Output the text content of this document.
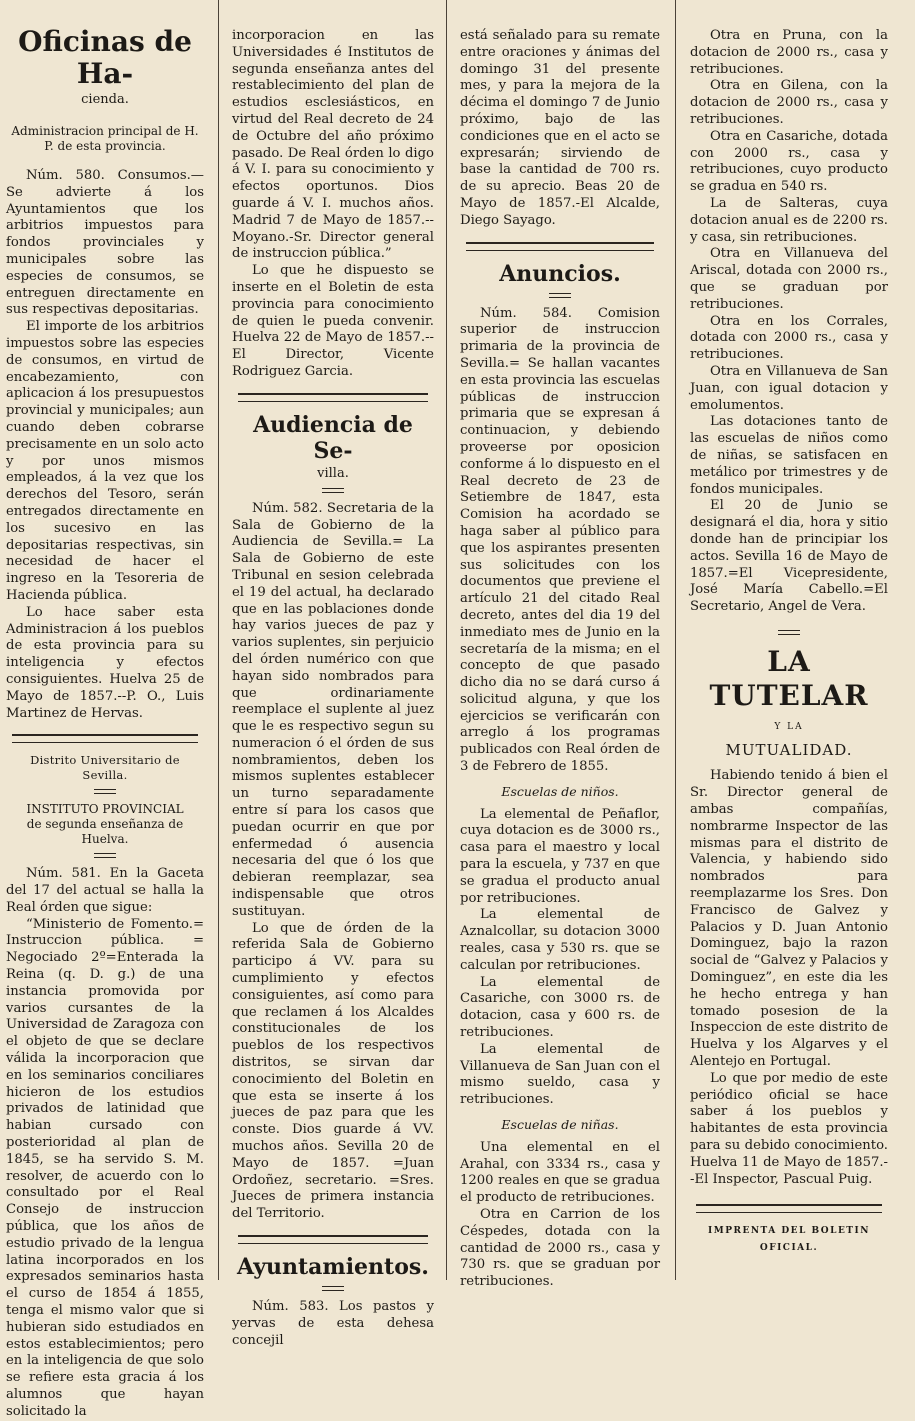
Oficinas de Ha-
cienda.
Administracion principal de H. P. de esta provincia.

Núm. 580. Consumos.— Se advierte á los Ayuntamientos que los arbitrios impuestos para fondos provinciales y municipales sobre las especies de consumos, se entreguen directamente en sus respectivas depositarias.

El importe de los arbitrios impuestos sobre las especies de consumos, en virtud de encabezamiento, con aplicacion á los presupuestos provincial y municipales; aun cuando deben cobrarse precisamente en un solo acto y por unos mismos empleados, á la vez que los derechos del Tesoro, serán entregados directamente en los sucesivo en las depositarias respectivas, sin necesidad de hacer el ingreso en la Tesoreria de Hacienda pública.

Lo hace saber esta Administracion á los pueblos de esta provincia para su inteligencia y efectos consiguientes. Huelva 25 de Mayo de 1857.--P. O., Luis Martinez de Hervas.

Distrito Universitario de Sevilla.
INSTITUTO PROVINCIAL
de segunda enseñanza de Huelva.

Núm. 581. En la Gaceta del 17 del actual se halla la Real órden que sigue:

“Ministerio de Fomento.= Instruccion pública. = Negociado 2º=Enterada la Reina (q. D. g.) de una instancia promovida por varios cursantes de la Universidad de Zaragoza con el objeto de que se declare válida la incorporacion que en los seminarios conciliares hicieron de los estudios privados de latinidad que habian cursado con posterioridad al plan de 1845, se ha servido S. M. resolver, de acuerdo con lo consultado por el Real Consejo de instruccion pública, que los años de estudio privado de la lengua latina incorporados en los expresados seminarios hasta el curso de 1854 á 1855, tenga el mismo valor que si hubieran sido estudiados en estos establecimientos; pero en la inteligencia de que solo se refiere esta gracia á los alumnos que hayan solicitado la

incorporacion en las Universidades é Institutos de segunda enseñanza antes del restablecimiento del plan de estudios esclesiásticos, en virtud del Real decreto de 24 de Octubre del año próximo pasado. De Real órden lo digo á V. I. para su conocimiento y efectos oportunos. Dios guarde á V. I. muchos años. Madrid 7 de Mayo de 1857.--Moyano.-Sr. Director general de instruccion pública.”

Lo que he dispuesto se inserte en el Boletin de esta provincia para conocimiento de quien le pueda convenir. Huelva 22 de Mayo de 1857.--El Director, Vicente Rodriguez Garcia.

Audiencia de Se-
villa.

Núm. 582. Secretaria de la Sala de Gobierno de la Audiencia de Sevilla.= La Sala de Gobierno de este Tribunal en sesion celebrada el 19 del actual, ha declarado que en las poblaciones donde hay varios jueces de paz y varios suplentes, sin perjuicio del órden numérico con que hayan sido nombrados para que ordinariamente reemplace el suplente al juez que le es respectivo segun su numeracion ó el órden de sus nombramientos, deben los mismos suplentes establecer un turno separadamente entre sí para los casos que puedan ocurrir en que por enfermedad ó ausencia necesaria del que ó los que debieran reemplazar, sea indispensable que otros sustituyan.

Lo que de órden de la referida Sala de Gobierno participo á VV. para su cumplimiento y efectos consiguientes, así como para que reclamen á los Alcaldes constitucionales de los pueblos de los respectivos distritos, se sirvan dar conocimiento del Boletin en que esta se inserte á los jueces de paz para que les conste. Dios guarde á VV. muchos años. Sevilla 20 de Mayo de 1857. =Juan Ordoñez, secretario. =Sres. Jueces de primera instancia del Territorio.

Ayuntamientos.

Núm. 583. Los pastos y yervas de esta dehesa concejil

está señalado para su remate entre oraciones y ánimas del domingo 31 del presente mes, y para la mejora de la décima el domingo 7 de Junio próximo, bajo de las condiciones que en el acto se expresarán; sirviendo de base la cantidad de 700 rs. de su aprecio. Beas 20 de Mayo de 1857.-El Alcalde, Diego Sayago.

Anuncios.

Núm. 584. Comision superior de instruccion primaria de la provincia de Sevilla.= Se hallan vacantes en esta provincia las escuelas públicas de instruccion primaria que se expresan á continuacion, y debiendo proveerse por oposicion conforme á lo dispuesto en el Real decreto de 23 de Setiembre de 1847, esta Comision ha acordado se haga saber al público para que los aspirantes presenten sus solicitudes con los documentos que previene el artículo 21 del citado Real decreto, antes del dia 19 del inmediato mes de Junio en la secretaría de la misma; en el concepto de que pasado dicho dia no se dará curso á solicitud alguna, y que los ejercicios se verificarán con arreglo á los programas publicados con Real órden de 3 de Febrero de 1855.

Escuelas de niños.

La elemental de Peñaflor, cuya dotacion es de 3000 rs., casa para el maestro y local para la escuela, y 737 en que se gradua el producto anual por retribuciones.

La elemental de Aznalcollar, su dotacion 3000 reales, casa y 530 rs. que se calculan por retribuciones.

La elemental de Casariche, con 3000 rs. de dotacion, casa y 600 rs. de retribuciones.

La elemental de Villanueva de San Juan con el mismo sueldo, casa y retribuciones.

Escuelas de niñas.

Una elemental en el Arahal, con 3334 rs., casa y 1200 reales en que se gradua el producto de retribuciones.

Otra en Carrion de los Céspedes, dotada con la cantidad de 2000 rs., casa y 730 rs. que se graduan por retribuciones.

Otra en Pruna, con la dotacion de 2000 rs., casa y retribuciones.

Otra en Gilena, con la dotacion de 2000 rs., casa y retribuciones.

Otra en Casariche, dotada con 2000 rs., casa y retribuciones, cuyo producto se gradua en 540 rs.

La de Salteras, cuya dotacion anual es de 2200 rs. y casa, sin retribuciones.

Otra en Villanueva del Ariscal, dotada con 2000 rs., que se graduan por retribuciones.

Otra en los Corrales, dotada con 2000 rs., casa y retribuciones.

Otra en Villanueva de San Juan, con igual dotacion y emolumentos.

Las dotaciones tanto de las escuelas de niños como de niñas, se satisfacen en metálico por trimestres y de fondos municipales.

El 20 de Junio se designará el dia, hora y sitio donde han de principiar los actos. Sevilla 16 de Mayo de 1857.=El Vicepresidente, José María Cabello.=El Secretario, Angel de Vera.

LA TUTELAR
Y LA
MUTUALIDAD.

Habiendo tenido á bien el Sr. Director general de ambas compañías, nombrarme Inspector de las mismas para el distrito de Valencia, y habiendo sido nombrados para reemplazarme los Sres. Don Francisco de Galvez y Palacios y D. Juan Antonio Dominguez, bajo la razon social de “Galvez y Palacios y Dominguez”, en este dia les he hecho entrega y han tomado posesion de la Inspeccion de este distrito de Huelva y los Algarves y el Alentejo en Portugal.

Lo que por medio de este periódico oficial se hace saber á los pueblos y habitantes de esta provincia para su debido conocimiento. Huelva 11 de Mayo de 1857.--El Inspector, Pascual Puig.

IMPRENTA DEL BOLETIN OFICIAL.
